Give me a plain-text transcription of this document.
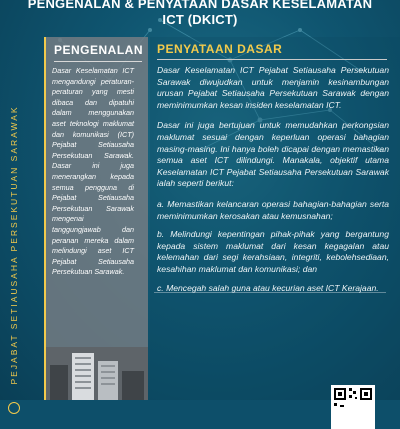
PENGENALAN & PENYATAAN DASAR KESELAMATAN
ICT (DKICT)
PEJABAT SETIAUSAHA PERSEKUTUAN SARAWAK
PENGENALAN
Dasar Keselamatan ICT mengandungi peraturan-peraturan yang mesti dibaca dan dipatuhi dalam menggunakan aset teknologi maklumat dan komunikasi (ICT) Pejabat Setiausaha Persekutuan Sarawak. Dasar ini juga menerangkan kepada semua pengguna di Pejabat Setiausaha Persekutuan Sarawak mengenai tanggungjawab dan peranan mereka dalam melindungi aset ICT Pejabat Setiausaha Persekutuan Sarawak.
PENYATAAN DASAR

Dasar Keselamatan ICT Pejabat Setiausaha Persekutuan Sarawak diwujudkan untuk menjamin kesinambungan urusan Pejabat Setiausaha Persekutuan Sarawak dengan meminimumkan kesan insiden keselamatan ICT.

Dasar ini juga bertujuan untuk memudahkan perkongsian maklumat sesuai dengan keperluan operasi bahagian masing-masing. Ini hanya boleh dicapai dengan memastikan semua aset ICT dilindungi. Manakala, objektif utama Keselamatan ICT Pejabat Setiausaha Persekutuan Sarawak ialah seperti berikut:

a. Memastikan kelancaran operasi bahagian-bahagian serta meminimumkan kerosakan atau kemusnahan;

b. Melindungi kepentingan pihak-pihak yang bergantung kepada sistem maklumat dari kesan kegagalan atau kelemahan dari segi kerahsiaan, integriti, kebolehsediaan, kesahihan maklumat dan komunikasi; dan

c. Mencegah salah guna atau kecurian aset ICT Kerajaan.
